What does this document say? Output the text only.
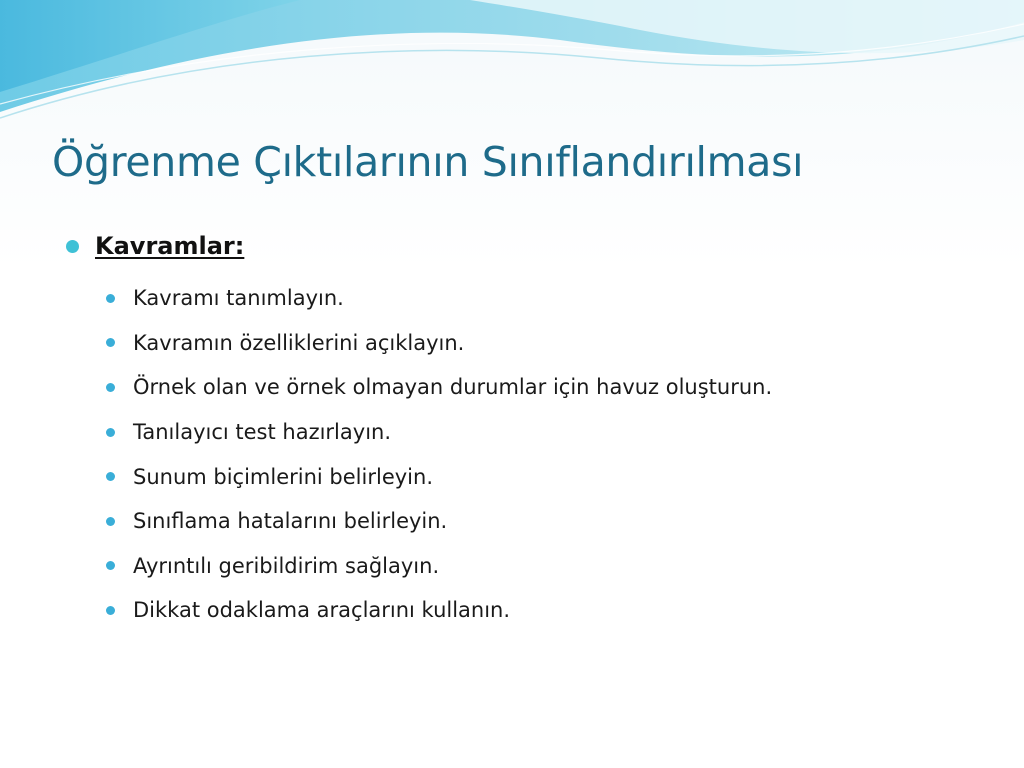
Öğrenme Çıktılarının Sınıflandırılması
Kavramlar:
Kavramı tanımlayın.
Kavramın özelliklerini açıklayın.
Örnek olan ve örnek olmayan durumlar için havuz oluşturun.
Tanılayıcı test hazırlayın.
Sunum biçimlerini belirleyin.
Sınıflama hatalarını belirleyin.
Ayrıntılı geribildirim sağlayın.
Dikkat odaklama araçlarını kullanın.
